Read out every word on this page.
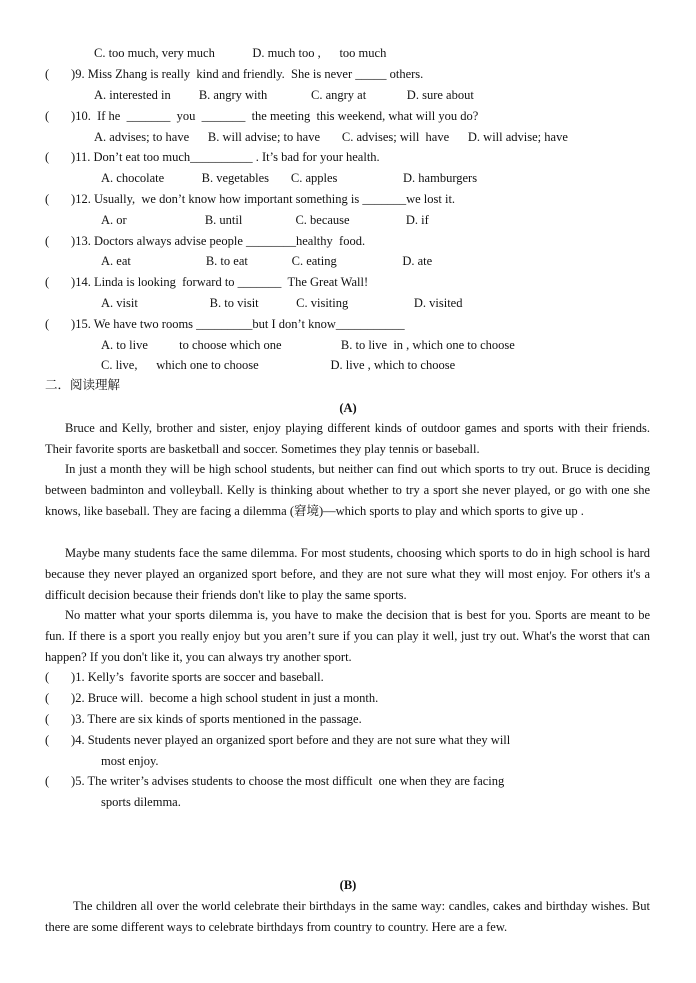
C. too much, very much            D. much too ,      too much
(       )9. Miss Zhang is really  kind and friendly.  She is never _____ others.
A. interested in         B. angry with              C. angry at             D. sure about
(       )10.  If he  _______  you  _______  the meeting  this weekend, what will you do?
A. advises; to have      B. will advise; to have       C. advises; will  have      D. will advise; have
(       )11. Don’t eat too much__________ . It’s bad for your health.
A. chocolate            B. vegetables       C. apples                     D. hamburgers
(       )12. Usually,  we don’t know how important something is _______we lost it.
A. or                         B. until                 C. because                  D. if
(       )13. Doctors always advise people ________healthy  food.
A. eat                        B. to eat              C. eating                     D. ate
(       )14. Linda is looking  forward to _______  The Great Wall!
A. visit                       B. to visit            C. visiting                     D. visited
(       )15. We have two rooms _________but I don’t know___________
A. to live          to choose which one                   B. to live  in , which one to choose
C. live,      which one to choose                       D. live , which to choose
二．阅读理解
(A)
Bruce and Kelly, brother and sister, enjoy playing different kinds of outdoor games and sports with their friends. Their favorite sports are basketball and soccer. Sometimes they play tennis or baseball.
In just a month they will be high school students, but neither can find out which sports to try out. Bruce is deciding between badminton and volleyball. Kelly is thinking about whether to try a sport she never played, or go with one she knows, like baseball. They are facing a dilemma (窘境)—which sports to play and which sports to give up .
Maybe many students face the same dilemma. For most students, choosing which sports to do in high school is hard because they never played an organized sport before, and they are not sure what they will most enjoy. For others it's a difficult decision because their friends don't like to play the same sports.
No matter what your sports dilemma is, you have to make the decision that is best for you. Sports are meant to be fun. If there is a sport you really enjoy but you aren’t sure if you can play it well, just try out. What's the worst that can happen? If you don't like it, you can always try another sport.
(       )1. Kelly’s  favorite sports are soccer and baseball.
(       )2. Bruce will.  become a high school student in just a month.
(       )3. There are six kinds of sports mentioned in the passage.
(       )4. Students never played an organized sport before and they are not sure what they will
most enjoy.
(       )5. The writer’s advises students to choose the most difficult  one when they are facing
sports dilemma.
(B)
The children all over the world celebrate their birthdays in the same way: candles, cakes and birthday wishes. But there are some different ways to celebrate birthdays from country to country. Here are a few.
